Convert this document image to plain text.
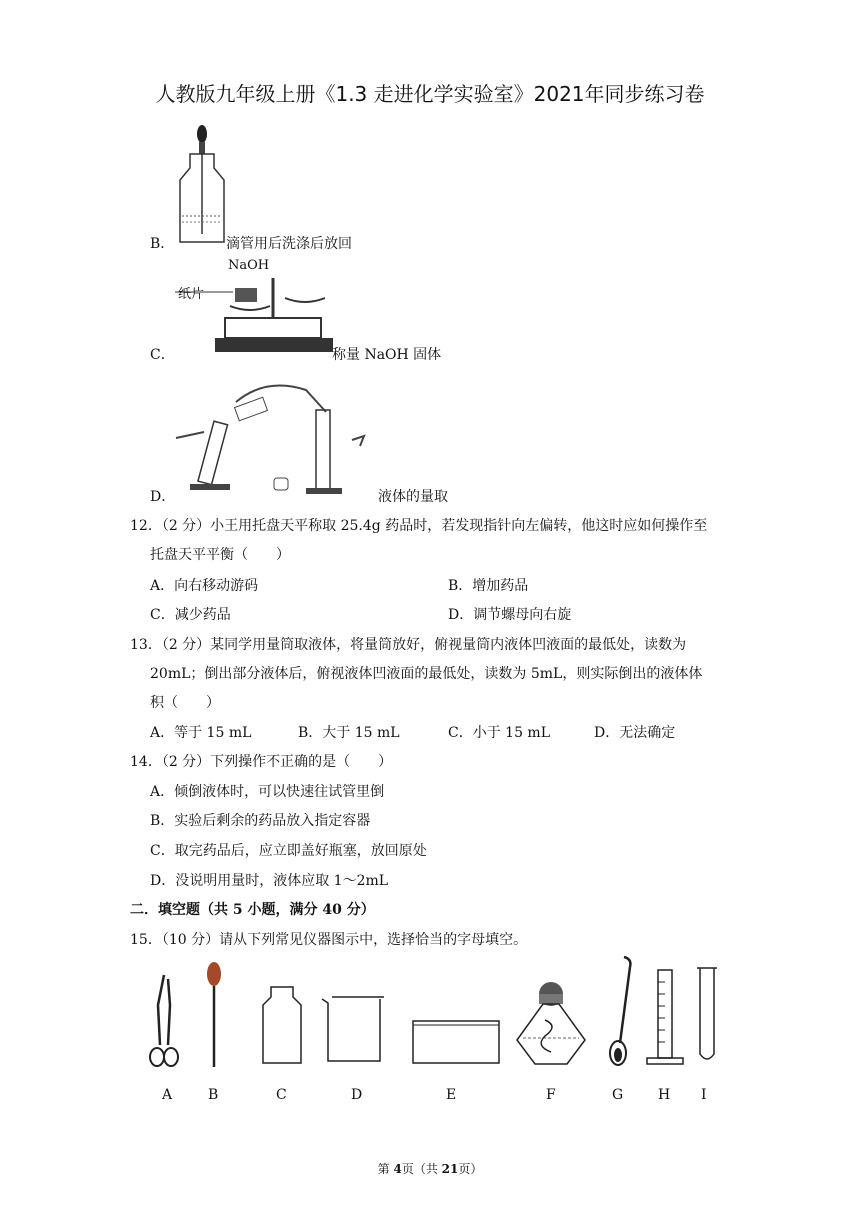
人教版九年级上册《1.3 走进化学实验室》2021年同步练习卷
B．	滴管用后洗涤后放回
NaOH
纸片
C．	称量 NaOH 固体
D．	液体的量取
12．（2 分）小王用托盘天平称取 25.4g 药品时，若发现指针向左偏转，他这时应如何操作至
托盘天平平衡（　　）
A．向右移动游码	B．增加药品
C．减少药品	D．调节螺母向右旋
13．（2 分）某同学用量筒取液体，将量筒放好，俯视量筒内液体凹液面的最低处，读数为
20mL；倒出部分液体后，俯视液体凹液面的最低处，读数为 5mL，则实际倒出的液体体
积（　　）
A．等于 15 mL	B．大于 15 mL	C．小于 15 mL	D．无法确定
14．（2 分）下列操作不正确的是（　　）
A．倾倒液体时，可以快速往试管里倒
B．实验后剩余的药品放入指定容器
C．取完药品后，应立即盖好瓶塞，放回原处
D．没说明用量时，液体应取 1～2mL
二．填空题（共 5 小题，满分 40 分）
15．（10 分）请从下列常见仪器图示中，选择恰当的字母填空。
A	B	C	D	E	F	G H I
第 4页（共 21页）
